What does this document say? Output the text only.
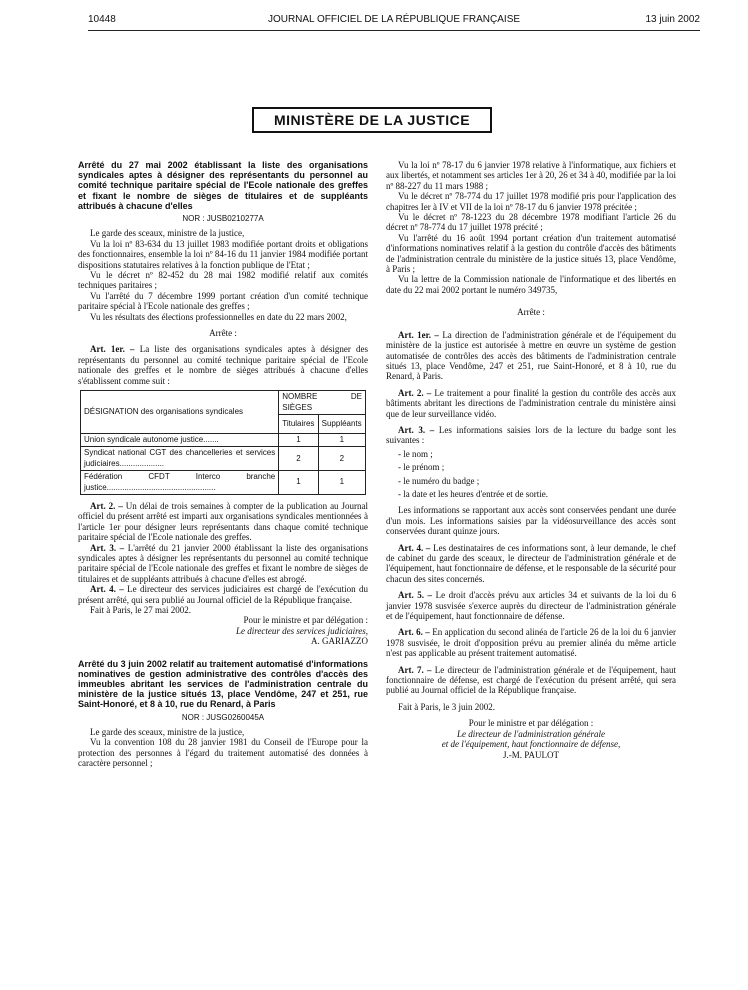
10448	JOURNAL OFFICIEL DE LA RÉPUBLIQUE FRANÇAISE	13 juin 2002
MINISTÈRE DE LA JUSTICE
Arrêté du 27 mai 2002 établissant la liste des organisations syndicales aptes à désigner des représentants du personnel au comité technique paritaire spécial de l'Ecole nationale des greffes et fixant le nombre de sièges de titulaires et de suppléants attribués à chacune d'elles
NOR : JUSB0210277A

Le garde des sceaux, ministre de la justice,

Vu la loi nº 83-634 du 13 juillet 1983 modifiée portant droits et obligations des fonctionnaires, ensemble la loi nº 84-16 du 11 janvier 1984 modifiée portant dispositions statutaires relatives à la fonction publique de l'Etat ;

Vu le décret nº 82-452 du 28 mai 1982 modifié relatif aux comités techniques paritaires ;

Vu l'arrêté du 7 décembre 1999 portant création d'un comité technique paritaire spécial à l'Ecole nationale des greffes ;

Vu les résultats des élections professionnelles en date du 22 mars 2002,

Arrête :

Art. 1er. – La liste des organisations syndicales aptes à désigner des représentants du personnel au comité technique paritaire spécial de l'Ecole nationale des greffes et le nombre de sièges attribués à chacune d'elles s'établissent comme suit :

DÉSIGNATION des organisations syndicales	NOMBRE DE SIÈGES	
	Titulaires	Suppléants
Union syndicale autonome justice.......	1	1
Syndicat national CGT des chancelleries et services judiciaires....................	2	2
Fédération CFDT Interco branche justice.................................................	1	1

Art. 2. – Un délai de trois semaines à compter de la publication au Journal officiel du présent arrêté est imparti aux organisations syndicales mentionnées à l'article 1er pour désigner leurs représentants dans chaque comité technique paritaire spécial de l'Ecole nationale des greffes.

Art. 3. – L'arrêté du 21 janvier 2000 établissant la liste des organisations syndicales aptes à désigner les représentants du personnel au comité technique paritaire spécial de l'Ecole nationale des greffes et fixant le nombre de sièges de titulaires et de suppléants attribués à chacune d'elles est abrogé.

Art. 4. – Le directeur des services judiciaires est chargé de l'exécution du présent arrêté, qui sera publié au Journal officiel de la République française.

Fait à Paris, le 27 mai 2002.

Pour le ministre et par délégation :

Le directeur des services judiciaires,

A. GARIAZZO

Arrêté du 3 juin 2002 relatif au traitement automatisé d'informations nominatives de gestion administrative des contrôles d'accès des immeubles abritant les services de l'administration centrale du ministère de la justice situés 13, place Vendôme, 247 et 251, rue Saint-Honoré, et 8 à 10, rue du Renard, à Paris
NOR : JUSG0260045A

Le garde des sceaux, ministre de la justice,

Vu la convention 108 du 28 janvier 1981 du Conseil de l'Europe pour la protection des personnes à l'égard du traitement automatisé des données à caractère personnel ;

Vu la loi nº 78-17 du 6 janvier 1978 relative à l'informatique, aux fichiers et aux libertés, et notamment ses articles 1er à 20, 26 et 34 à 40, modifiée par la loi nº 88-227 du 11 mars 1988 ;

Vu le décret nº 78-774 du 17 juillet 1978 modifié pris pour l'application des chapitres Ier à IV et VII de la loi nº 78-17 du 6 janvier 1978 précitée ;

Vu le décret nº 78-1223 du 28 décembre 1978 modifiant l'article 26 du décret nº 78-774 du 17 juillet 1978 précité ;

Vu l'arrêté du 16 août 1994 portant création d'un traitement automatisé d'informations nominatives relatif à la gestion du contrôle d'accès des bâtiments de l'administration centrale du ministère de la justice situés 13, place Vendôme, à Paris ;

Vu la lettre de la Commission nationale de l'informatique et des libertés en date du 22 mai 2002 portant le numéro 349735,

Arrête :

Art. 1er. – La direction de l'administration générale et de l'équipement du ministère de la justice est autorisée à mettre en œuvre un système de gestion automatisée de contrôles des accès des bâtiments de l'administration centrale situés 13, place Vendôme, 247 et 251, rue Saint-Honoré, et 8 à 10, rue du Renard, à Paris.

Art. 2. – Le traitement a pour finalité la gestion du contrôle des accès aux bâtiments abritant les directions de l'administration centrale du ministère ainsi que de leur surveillance vidéo.

Art. 3. – Les informations saisies lors de la lecture du badge sont les suivantes :

- le nom ;

- le prénom ;

- le numéro du badge ;

- la date et les heures d'entrée et de sortie.

Les informations se rapportant aux accès sont conservées pendant une durée d'un mois. Les informations saisies par la vidéosurveillance des accès sont conservées durant quinze jours.

Art. 4. – Les destinataires de ces informations sont, à leur demande, le chef de cabinet du garde des sceaux, le directeur de l'administration générale et de l'équipement, haut fonctionnaire de défense, et le responsable de la sécurité pour chacun des sites concernés.

Art. 5. – Le droit d'accès prévu aux articles 34 et suivants de la loi du 6 janvier 1978 susvisée s'exerce auprès du directeur de l'administration générale et de l'équipement, haut fonctionnaire de défense.

Art. 6. – En application du second alinéa de l'article 26 de la loi du 6 janvier 1978 susvisée, le droit d'opposition prévu au premier alinéa du même article n'est pas applicable au présent traitement automatisé.

Art. 7. – Le directeur de l'administration générale et de l'équipement, haut fonctionnaire de défense, est chargé de l'exécution du présent arrêté, qui sera publié au Journal officiel de la République française.

Fait à Paris, le 3 juin 2002.

Pour le ministre et par délégation :

Le directeur de l'administration générale

et de l'équipement, haut fonctionnaire de défense,

J.-M. PAULOT
